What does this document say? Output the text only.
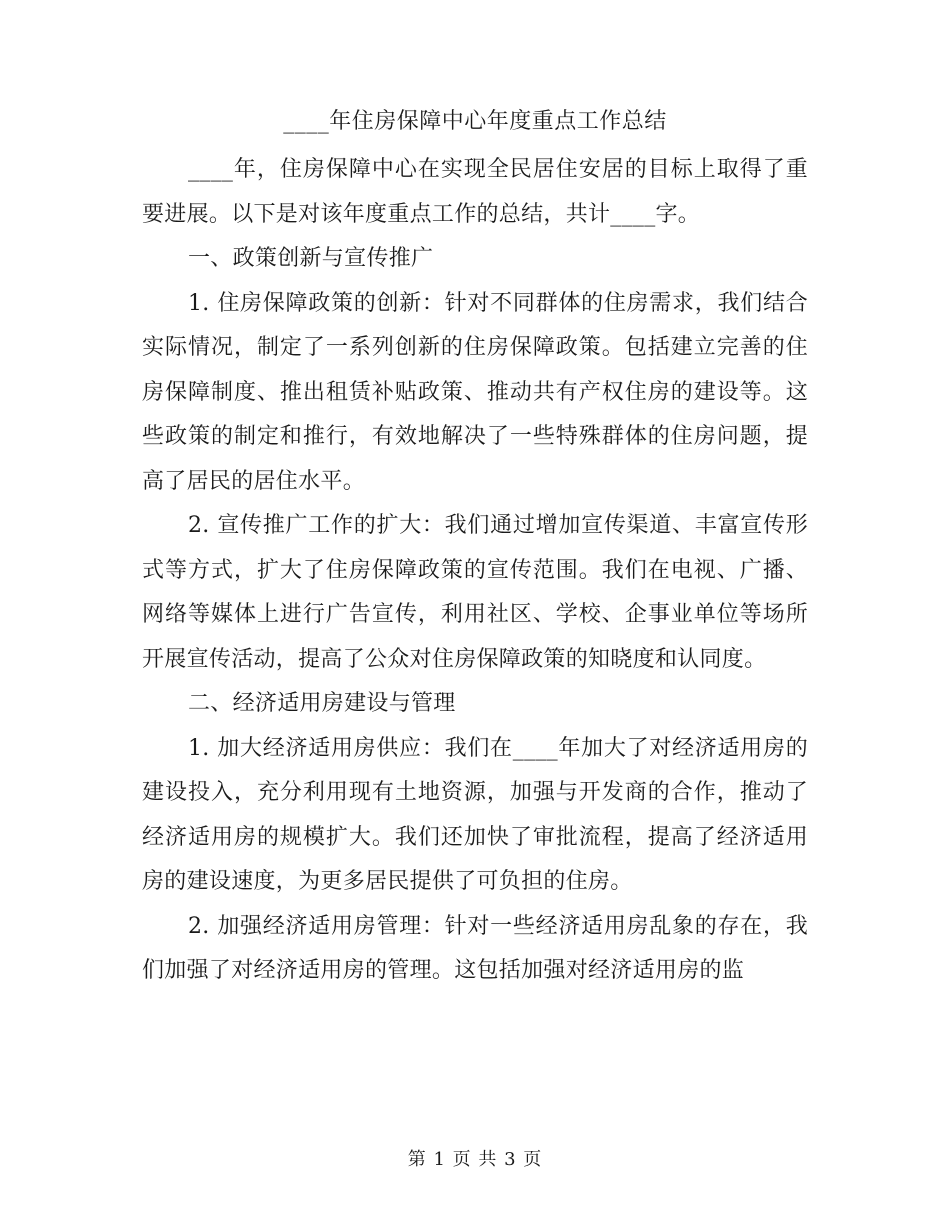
____年住房保障中心年度重点工作总结

____年，住房保障中心在实现全民居住安居的目标上取得了重要进展。以下是对该年度重点工作的总结，共计____字。

一、政策创新与宣传推广

1. 住房保障政策的创新：针对不同群体的住房需求，我们结合实际情况，制定了一系列创新的住房保障政策。包括建立完善的住房保障制度、推出租赁补贴政策、推动共有产权住房的建设等。这些政策的制定和推行，有效地解决了一些特殊群体的住房问题，提高了居民的居住水平。

2. 宣传推广工作的扩大：我们通过增加宣传渠道、丰富宣传形式等方式，扩大了住房保障政策的宣传范围。我们在电视、广播、网络等媒体上进行广告宣传，利用社区、学校、企事业单位等场所开展宣传活动，提高了公众对住房保障政策的知晓度和认同度。

二、经济适用房建设与管理

1. 加大经济适用房供应：我们在____年加大了对经济适用房的建设投入，充分利用现有土地资源，加强与开发商的合作，推动了经济适用房的规模扩大。我们还加快了审批流程，提高了经济适用房的建设速度，为更多居民提供了可负担的住房。

2. 加强经济适用房管理：针对一些经济适用房乱象的存在，我们加强了对经济适用房的管理。这包括加强对经济适用房的监

第 1 页 共 3 页
